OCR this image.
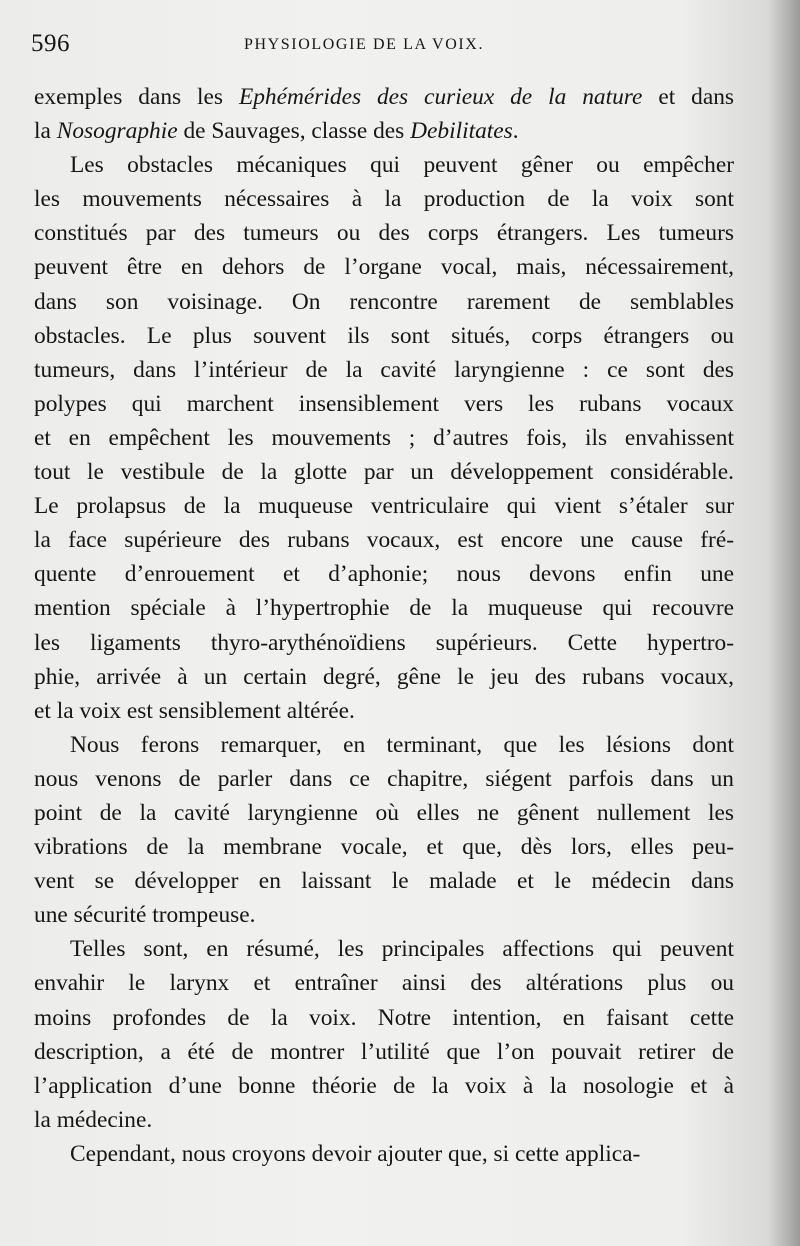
596	PHYSIOLOGIE DE LA VOIX.

exemples dans les Ephémérides des curieux de la nature et dans
la Nosographie de Sauvages, classe des Debilitates.

Les obstacles mécaniques qui peuvent gêner ou empêcher
les mouvements nécessaires à la production de la voix sont
constitués par des tumeurs ou des corps étrangers. Les tumeurs
peuvent être en dehors de l’organe vocal, mais, nécessairement,
dans son voisinage. On rencontre rarement de semblables
obstacles. Le plus souvent ils sont situés, corps étrangers ou
tumeurs, dans l’intérieur de la cavité laryngienne : ce sont des
polypes qui marchent insensiblement vers les rubans vocaux
et en empêchent les mouvements ; d’autres fois, ils envahissent
tout le vestibule de la glotte par un développement considérable.
Le prolapsus de la muqueuse ventriculaire qui vient s’étaler sur
la face supérieure des rubans vocaux, est encore une cause fré-
quente d’enrouement et d’aphonie; nous devons enfin une
mention spéciale à l’hypertrophie de la muqueuse qui recouvre
les ligaments thyro-arythénoïdiens supérieurs. Cette hypertro-
phie, arrivée à un certain degré, gêne le jeu des rubans vocaux,
et la voix est sensiblement altérée.

Nous ferons remarquer, en terminant, que les lésions dont
nous venons de parler dans ce chapitre, siégent parfois dans un
point de la cavité laryngienne où elles ne gênent nullement les
vibrations de la membrane vocale, et que, dès lors, elles peu-
vent se développer en laissant le malade et le médecin dans
une sécurité trompeuse.

Telles sont, en résumé, les principales affections qui peuvent
envahir le larynx et entraîner ainsi des altérations plus ou
moins profondes de la voix. Notre intention, en faisant cette
description, a été de montrer l’utilité que l’on pouvait retirer de
l’application d’une bonne théorie de la voix à la nosologie et à
la médecine.

Cependant, nous croyons devoir ajouter que, si cette applica-
